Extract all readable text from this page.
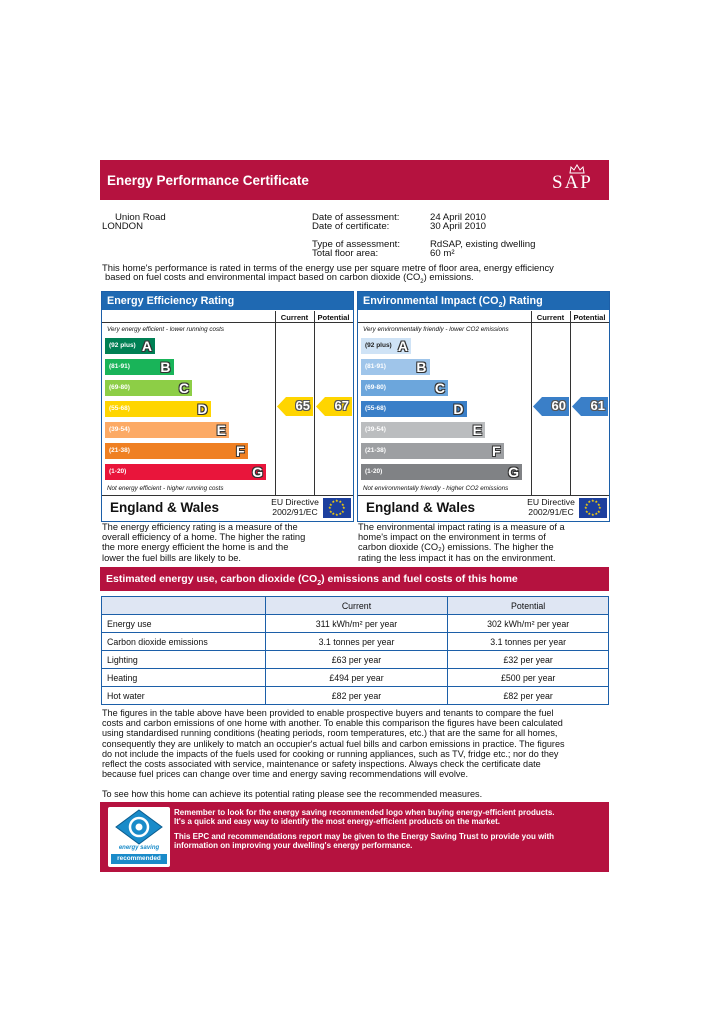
Energy Performance Certificate	SAP
Union Road
LONDON
Date of assessment:	24 April 2010
Date of certificate:	30 April 2010
Type of assessment:	RdSAP, existing dwelling
Total floor area:	60 m²
This home's performance is rated in terms of the energy use per square metre of floor area, energy efficiency
based on fuel costs and environmental impact based on carbon dioxide $(CO_2)$ emissions.
Energy Efficiency Rating
Current	Potential
Very energy efficient - lower running costs
Not energy efficient - higher running costs
(92 plus) A
(81-91) B
(69-80)	C
(55-68)	D
(39-54)	E
(21-38)	F
(1-20)	G
65 67
England & Wales	EU Directive
2002/91/EC	★
★
★
★
★
★
★
★
★ ★ ★
★
Environmental Impact $(CO_2)$ Rating
Current	Potential
Very environmentally friendly - lower CO2 emissions
Not environmentally friendly - higher CO2 emissions
(92 plus) A
(81-91) B
(69-80)	C
(55-68)	D
(39-54)	E
(21-38)	F
(1-20)	G
60 61
England & Wales	EU Directive
2002/91/EC	★
★
★
★
★
★
★
★
★ ★ ★
★
The energy efficiency rating is a measure of the
overall efficiency of a home. The higher the rating
the more energy efficient the home is and the
lower the fuel bills are likely to be.
The environmental impact rating is a measure of a
home's impact on the environment in terms of
carbon dioxide (CO₂) emissions. The higher the
rating the less impact it has on the environment.
Estimated energy use, carbon dioxide $(CO_2)$ emissions and fuel costs of this home
	Current	Potential
Energy use	311 kWh/m² per year	302 kWh/m² per year
Carbon dioxide emissions	3.1 tonnes per year	3.1 tonnes per year
Lighting	£63 per year	£32 per year
Heating	£494 per year	£500 per year
Hot water	£82 per year	£82 per year
The figures in the table above have been provided to enable prospective buyers and tenants to compare the fuel
costs and carbon emissions of one home with another. To enable this comparison the figures have been calculated
using standardised running conditions (heating periods, room temperatures, etc.) that are the same for all homes,
consequently they are unlikely to match an occupier's actual fuel bills and carbon emissions in practice. The figures
do not include the impacts of the fuels used for cooking or running appliances, such as TV, fridge etc.; nor do they
reflect the costs associated with service, maintenance or safety inspections. Always check the certificate date
because fuel prices can change over time and energy saving recommendations will evolve.
To see how this home can achieve its potential rating please see the recommended measures.
energy saving
recommended
Remember to look for the energy saving recommended logo when buying energy-efficient products.
It's a quick and easy way to identify the most energy-efficient products on the market.
This EPC and recommendations report may be given to the Energy Saving Trust to provide you with
information on improving your dwelling's energy performance.
